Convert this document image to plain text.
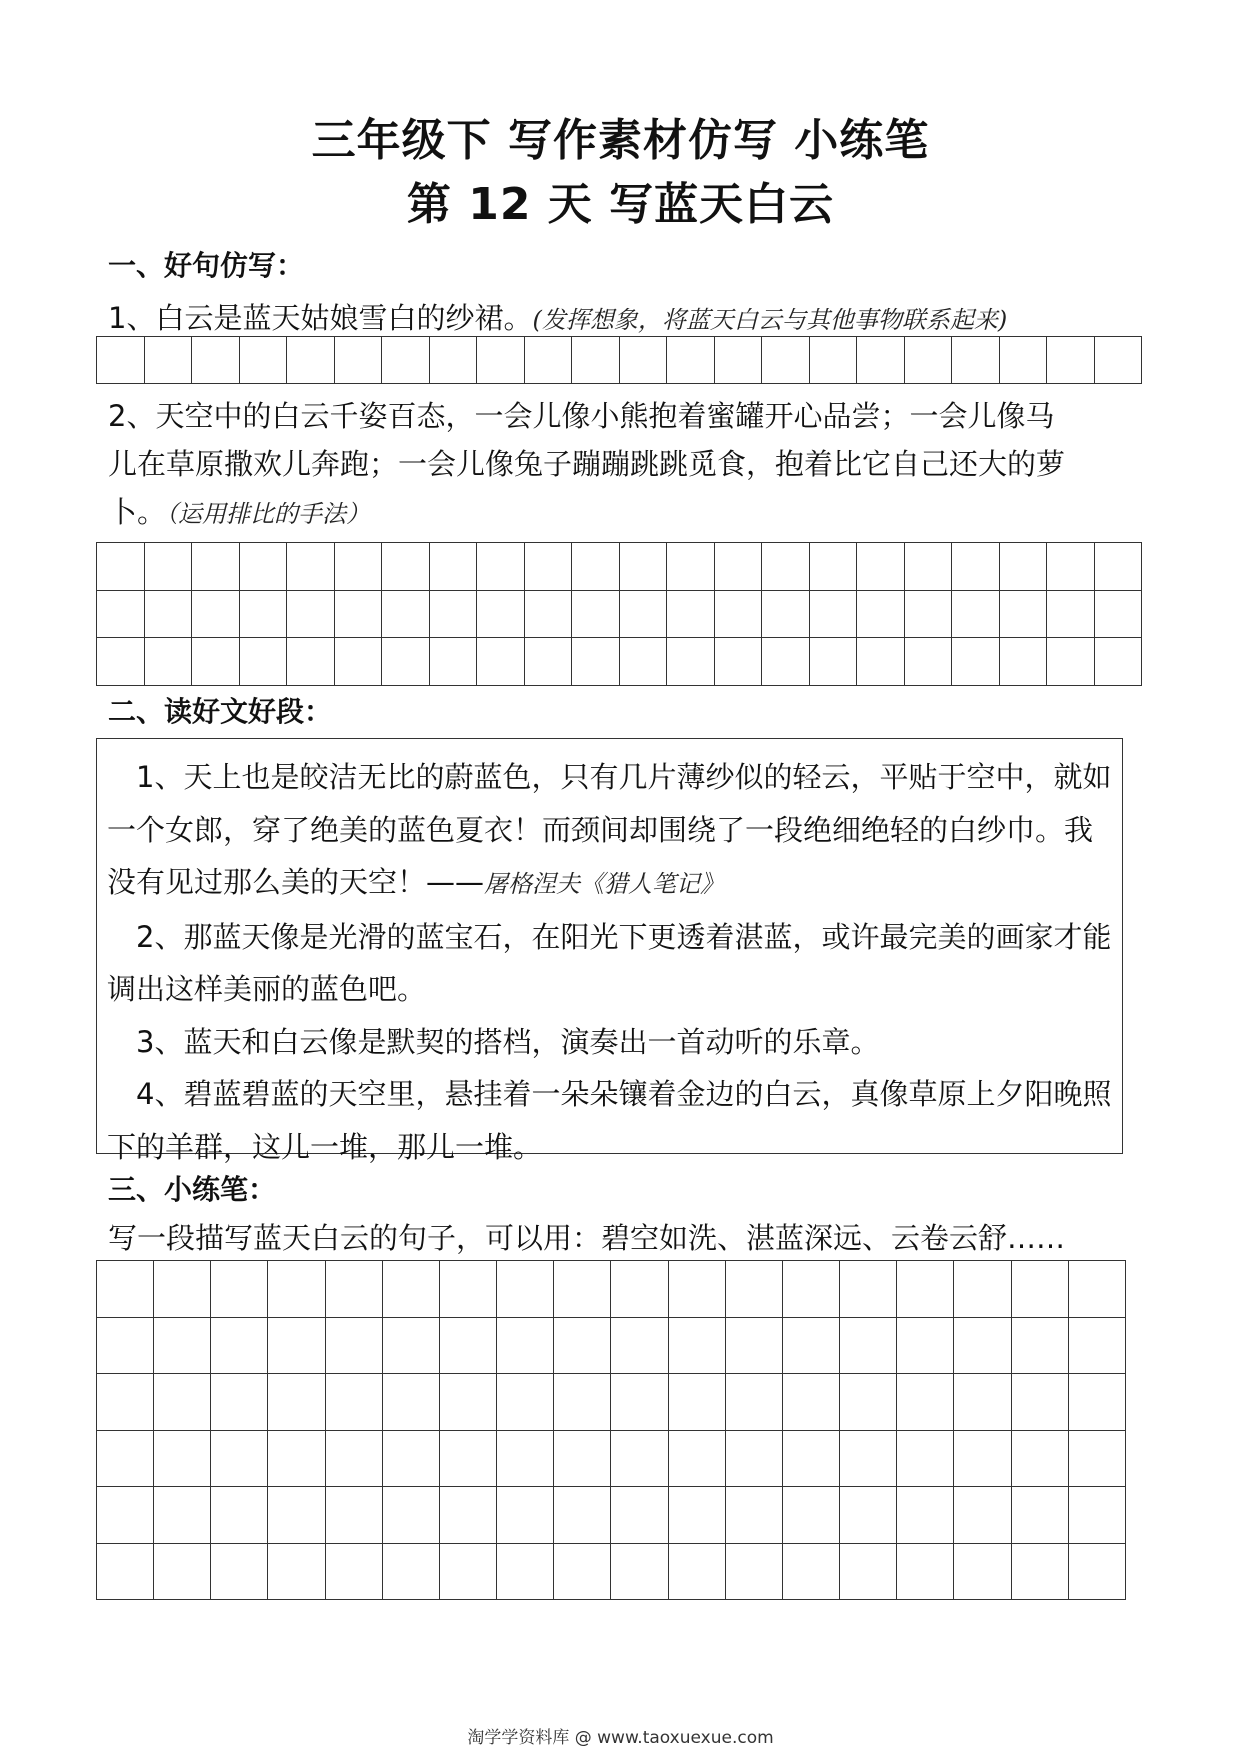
三年级下 写作素材仿写 小练笔
第 12 天 写蓝天白云
一、好句仿写：
1、白云是蓝天姑娘雪白的纱裙。(发挥想象，将蓝天白云与其他事物联系起来)

2、天空中的白云千姿百态，一会儿像小熊抱着蜜罐开心品尝；一会儿像马
儿在草原撒欢儿奔跑；一会儿像兔子蹦蹦跳跳觅食，抱着比它自己还大的萝
卜。（运用排比的手法）

二、读好文好段：

1、天上也是皎洁无比的蔚蓝色，只有几片薄纱似的轻云，平贴于空中，就如一个女郎，穿了绝美的蓝色夏衣！而颈间却围绕了一段绝细绝轻的白纱巾。我没有见过那么美的天空！——屠格涅夫《猎人笔记》

2、那蓝天像是光滑的蓝宝石，在阳光下更透着湛蓝，或许最完美的画家才能调出这样美丽的蓝色吧。

3、蓝天和白云像是默契的搭档，演奏出一首动听的乐章。

4、碧蓝碧蓝的天空里，悬挂着一朵朵镶着金边的白云，真像草原上夕阳晚照下的羊群，这儿一堆，那儿一堆。

三、小练笔：
写一段描写蓝天白云的句子，可以用：碧空如洗、湛蓝深远、云卷云舒……

淘学学资料库 @ www.taoxuexue.com
